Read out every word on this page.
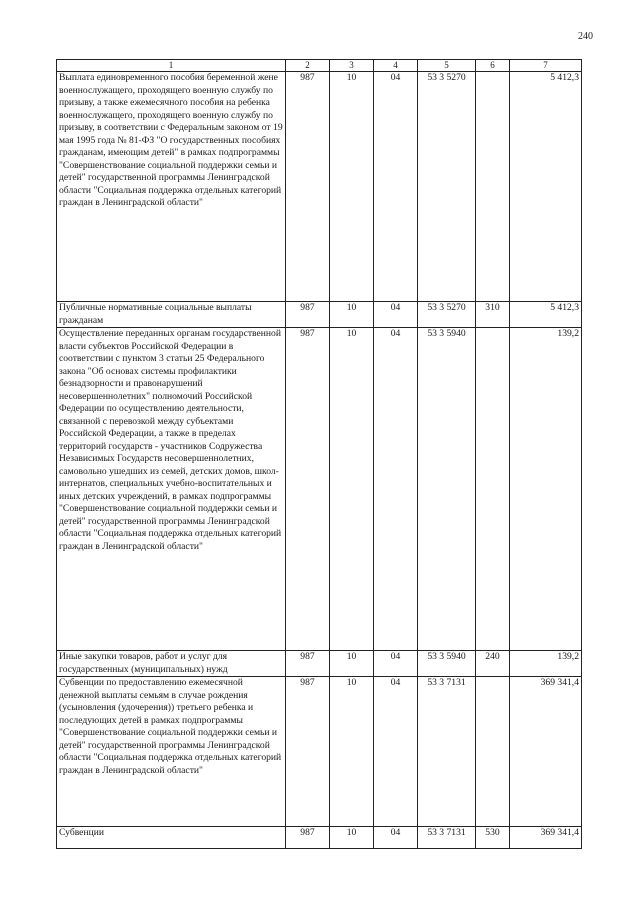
240
1	2	3	4	5	6	7
Выплата единовременного пособия беременной жене военнослужащего, проходящего военную службу по призыву, а также ежемесячного пособия на ребенка военнослужащего, проходящего военную службу по призыву, в соответствии с Федеральным законом от 19 мая 1995 года № 81-ФЗ "О государственных пособиях гражданам, имеющим детей" в рамках подпрограммы "Совершенствование социальной поддержки семьи и детей" государственной программы Ленинградской области "Социальная поддержка отдельных категорий граждан в Ленинградской области"	987	10	04	53 3 5270		5 412,3
Публичные нормативные социальные выплаты гражданам	987	10	04	53 3 5270	310	5 412,3
Осуществление переданных органам государственной власти субъектов Российской Федерации в соответствии с пунктом 3 статьи 25 Федерального закона "Об основах системы профилактики безнадзорности и правонарушений несовершеннолетних" полномочий Российской Федерации по осуществлению деятельности, связанной с перевозкой между субъектами Российской Федерации, а также в пределах территорий государств - участников Содружества Независимых Государств несовершеннолетних, самовольно ушедших из семей, детских домов, школ-интернатов, специальных учебно-воспитательных и иных детских учреждений, в рамках подпрограммы "Совершенствование социальной поддержки семьи и детей" государственной программы Ленинградской области "Социальная поддержка отдельных категорий граждан в Ленинградской области"	987	10	04	53 3 5940		139,2
Иные закупки товаров, работ и услуг для государственных (муниципальных) нужд	987	10	04	53 3 5940	240	139,2
Субвенции по предоставлению ежемесячной денежной выплаты семьям в случае рождения (усыновления (удочерения)) третьего ребенка и последующих детей в рамках подпрограммы "Совершенствование социальной поддержки семьи и детей" государственной программы Ленинградской области "Социальная поддержка отдельных категорий граждан в Ленинградской области"	987	10	04	53 3 7131		369 341,4
Субвенции	987	10	04	53 3 7131	530	369 341,4
